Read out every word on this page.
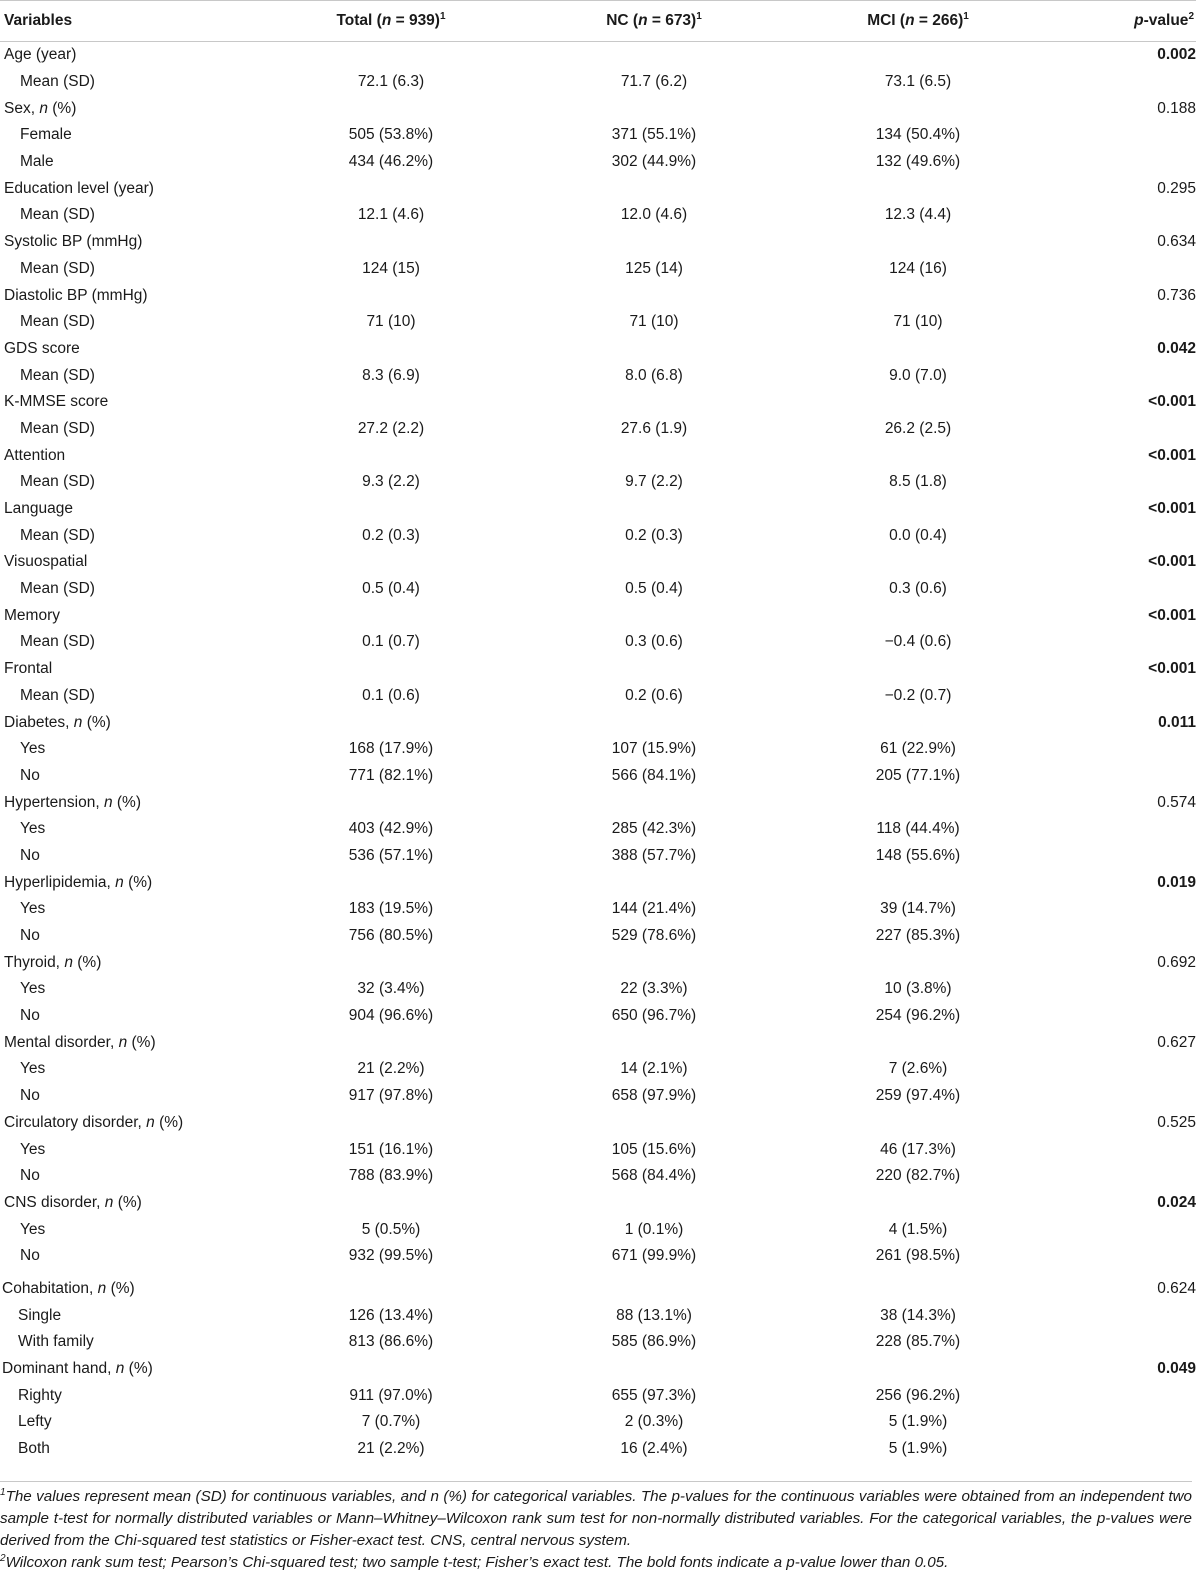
Variables	Total (n = 939)$^1$	NC (n = 673)$^1$	MCI (n = 266)$^1$	p-value$^2$
Age (year)				0.002
Mean (SD)	72.1 (6.3)	71.7 (6.2)	73.1 (6.5)	
Sex, n (%)				0.188
Female	505 (53.8%)	371 (55.1%)	134 (50.4%)	
Male	434 (46.2%)	302 (44.9%)	132 (49.6%)	
Education level (year)				0.295
Mean (SD)	12.1 (4.6)	12.0 (4.6)	12.3 (4.4)	
Systolic BP (mmHg)				0.634
Mean (SD)	124 (15)	125 (14)	124 (16)	
Diastolic BP (mmHg)				0.736
Mean (SD)	71 (10)	71 (10)	71 (10)	
GDS score				0.042
Mean (SD)	8.3 (6.9)	8.0 (6.8)	9.0 (7.0)	
K-MMSE score				<0.001
Mean (SD)	27.2 (2.2)	27.6 (1.9)	26.2 (2.5)	
Attention				<0.001
Mean (SD)	9.3 (2.2)	9.7 (2.2)	8.5 (1.8)	
Language				<0.001
Mean (SD)	0.2 (0.3)	0.2 (0.3)	0.0 (0.4)	
Visuospatial				<0.001
Mean (SD)	0.5 (0.4)	0.5 (0.4)	0.3 (0.6)	
Memory				<0.001
Mean (SD)	0.1 (0.7)	0.3 (0.6)	−0.4 (0.6)	
Frontal				<0.001
Mean (SD)	0.1 (0.6)	0.2 (0.6)	−0.2 (0.7)	
Diabetes, n (%)				0.011
Yes	168 (17.9%)	107 (15.9%)	61 (22.9%)	
No	771 (82.1%)	566 (84.1%)	205 (77.1%)	
Hypertension, n (%)				0.574
Yes	403 (42.9%)	285 (42.3%)	118 (44.4%)	
No	536 (57.1%)	388 (57.7%)	148 (55.6%)	
Hyperlipidemia, n (%)				0.019
Yes	183 (19.5%)	144 (21.4%)	39 (14.7%)	
No	756 (80.5%)	529 (78.6%)	227 (85.3%)	
Thyroid, n (%)				0.692
Yes	32 (3.4%)	22 (3.3%)	10 (3.8%)	
No	904 (96.6%)	650 (96.7%)	254 (96.2%)	
Mental disorder, n (%)				0.627
Yes	21 (2.2%)	14 (2.1%)	7 (2.6%)	
No	917 (97.8%)	658 (97.9%)	259 (97.4%)	
Circulatory disorder, n (%)				0.525
Yes	151 (16.1%)	105 (15.6%)	46 (17.3%)	
No	788 (83.9%)	568 (84.4%)	220 (82.7%)	
CNS disorder, n (%)				0.024
Yes	5 (0.5%)	1 (0.1%)	4 (1.5%)	
No	932 (99.5%)	671 (99.9%)	261 (98.5%)	

Cohabitation, n (%)				0.624
Single	126 (13.4%)	88 (13.1%)	38 (14.3%)	
With family	813 (86.6%)	585 (86.9%)	228 (85.7%)	
Dominant hand, n (%)				0.049
Righty	911 (97.0%)	655 (97.3%)	256 (96.2%)	
Lefty	7 (0.7%)	2 (0.3%)	5 (1.9%)	
Both	21 (2.2%)	16 (2.4%)	5 (1.9%)	

$^1$The values represent mean (SD) for continuous variables, and n (%) for categorical variables. The p-values for the continuous variables were obtained from an independent two sample t-test for normally distributed variables or Mann–Whitney–Wilcoxon rank sum test for non-normally distributed variables. For the categorical variables, the p-values were derived from the Chi-squared test statistics or Fisher-exact test. CNS, central nervous system.

$^2$Wilcoxon rank sum test; Pearson’s Chi-squared test; two sample t-test; Fisher’s exact test. The bold fonts indicate a p-value lower than 0.05.
